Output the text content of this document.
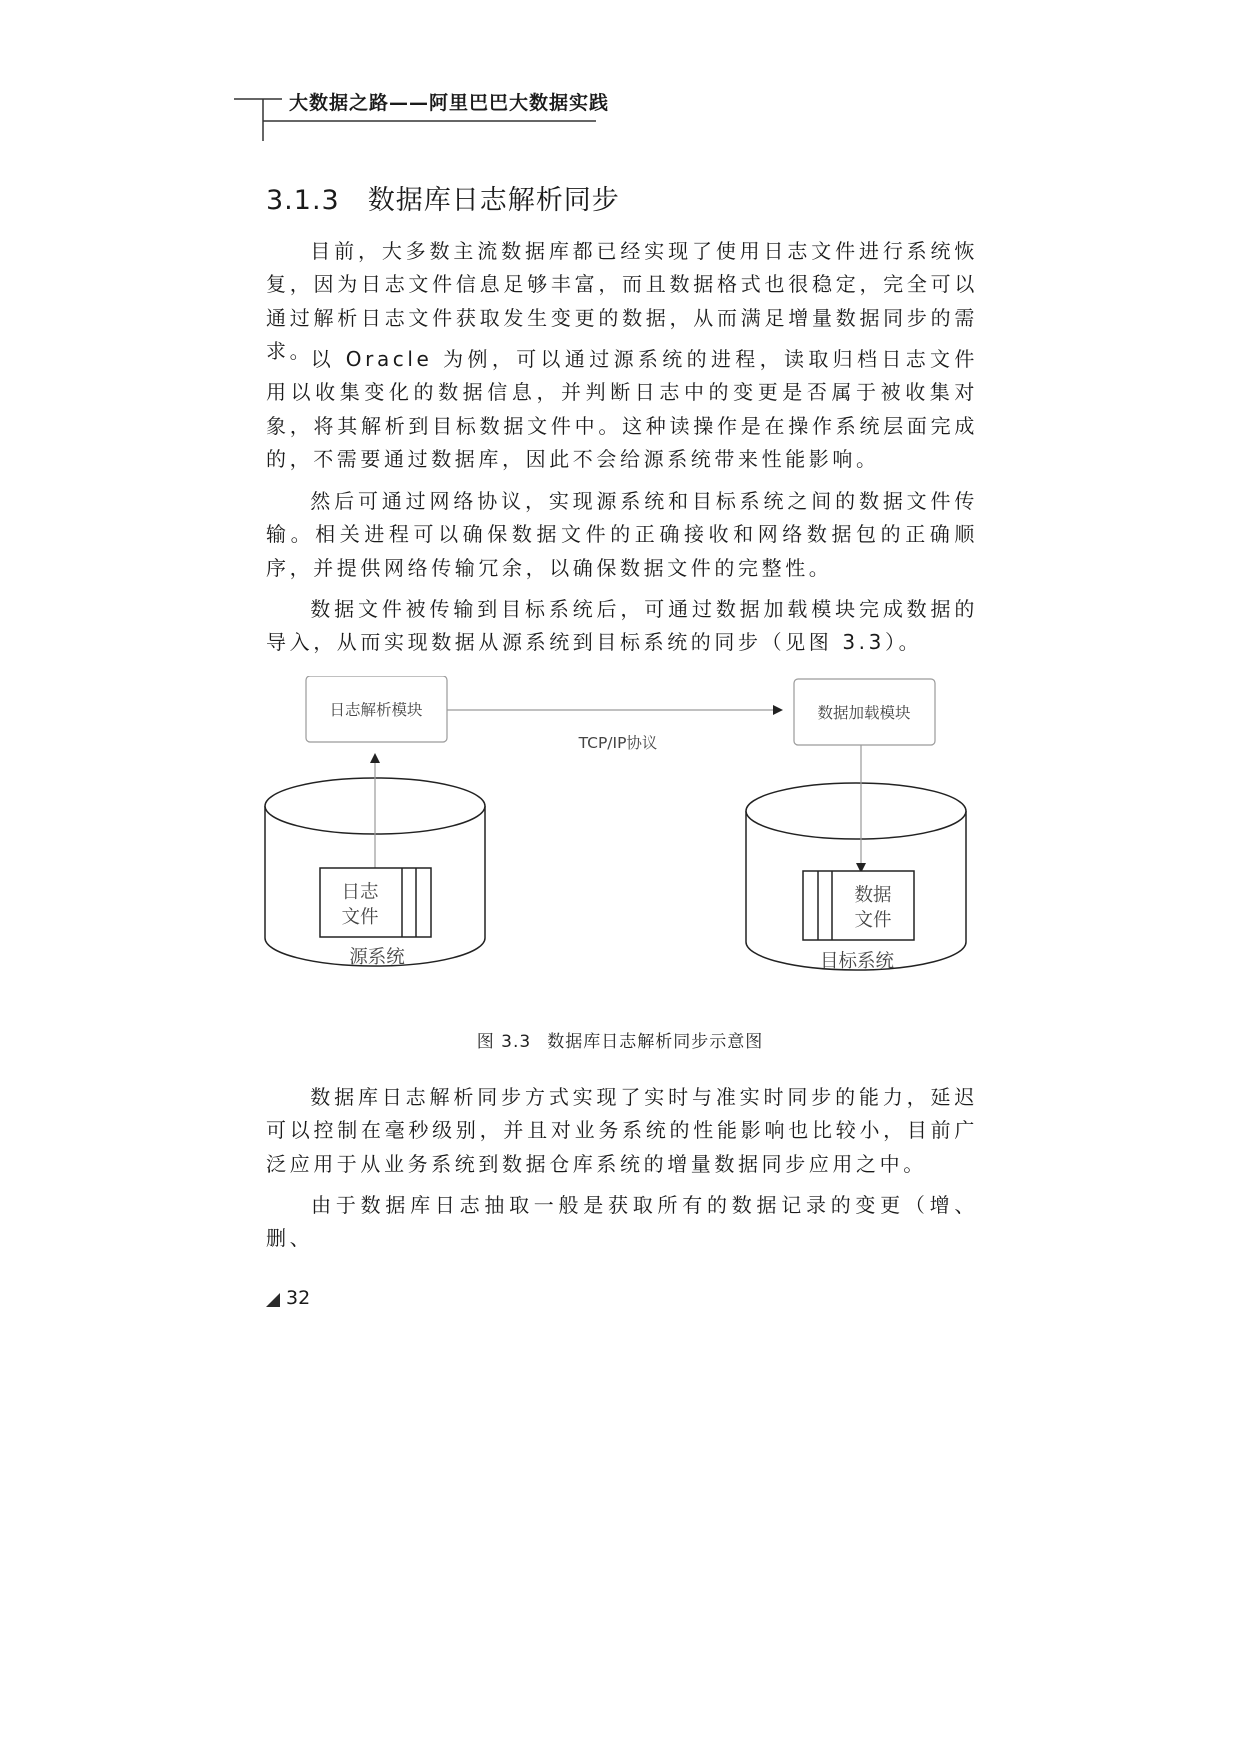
大数据之路——阿里巴巴大数据实践
3.1.3 数据库日志解析同步

目前，大多数主流数据库都已经实现了使用日志文件进行系统恢复，因为日志文件信息足够丰富，而且数据格式也很稳定，完全可以通过解析日志文件获取发生变更的数据，从而满足增量数据同步的需求。

以 Oracle 为例，可以通过源系统的进程，读取归档日志文件用以收集变化的数据信息，并判断日志中的变更是否属于被收集对象，将其解析到目标数据文件中。这种读操作是在操作系统层面完成的，不需要通过数据库，因此不会给源系统带来性能影响。

然后可通过网络协议，实现源系统和目标系统之间的数据文件传输。相关进程可以确保数据文件的正确接收和网络数据包的正确顺序，并提供网络传输冗余，以确保数据文件的完整性。

数据文件被传输到目标系统后，可通过数据加载模块完成数据的导入，从而实现数据从源系统到目标系统的同步（见图 3.3）。

日志解析模块	数据加载模块
TCP/IP协议
日志
文件
源系统
数据
文件
目标系统
图 3.3 数据库日志解析同步示意图

数据库日志解析同步方式实现了实时与准实时同步的能力，延迟可以控制在毫秒级别，并且对业务系统的性能影响也比较小，目前广泛应用于从业务系统到数据仓库系统的增量数据同步应用之中。

由于数据库日志抽取一般是获取所有的数据记录的变更（增、删、

32
